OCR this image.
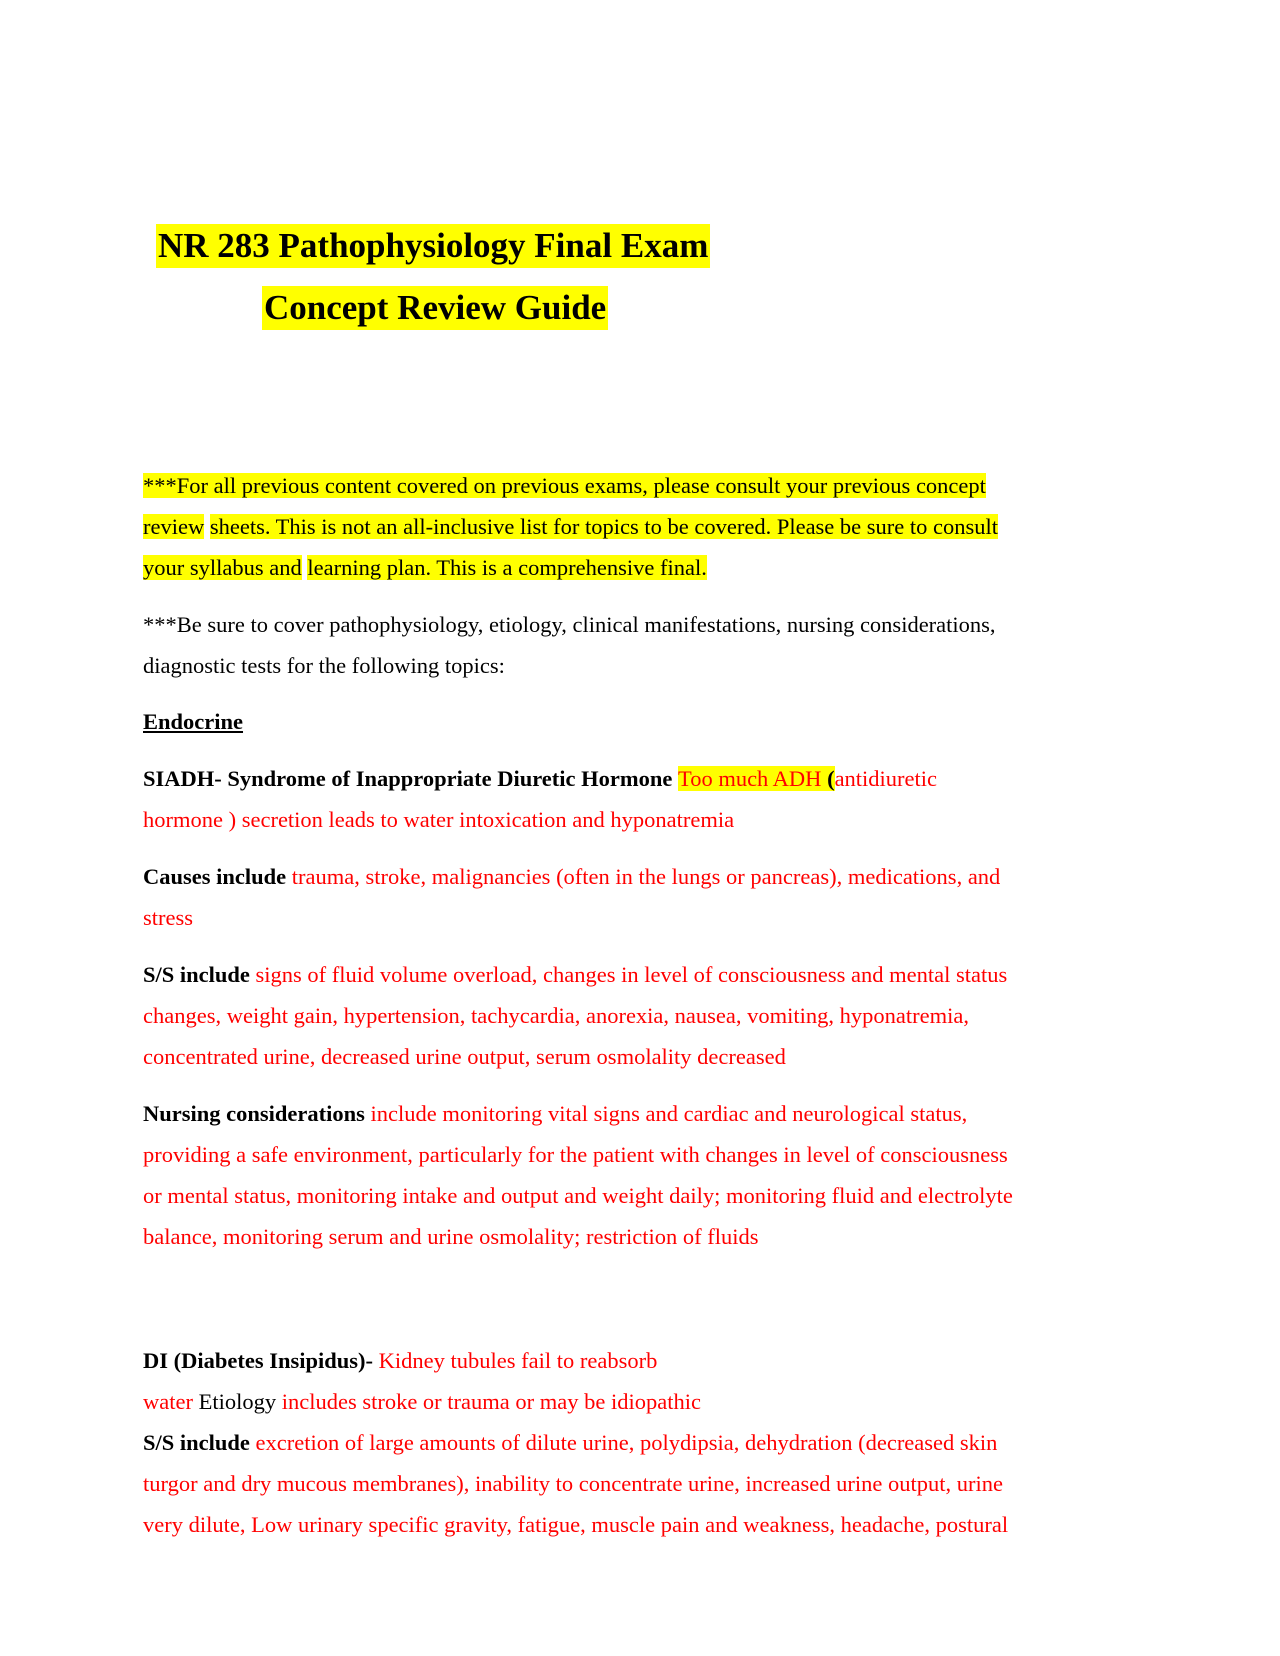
NR 283 Pathophysiology Final Exam
Concept Review Guide
***For all previous content covered on previous exams, please consult your previous concept
review sheets. This is not an all-inclusive list for topics to be covered. Please be sure to consult
your syllabus and learning plan. This is a comprehensive final.
***Be sure to cover pathophysiology, etiology, clinical manifestations, nursing considerations,
diagnostic tests for the following topics:
Endocrine
SIADH- Syndrome of Inappropriate Diuretic Hormone Too much ADH (antidiuretic
hormone ) secretion leads to water intoxication and hyponatremia
Causes include trauma, stroke, malignancies (often in the lungs or pancreas), medications, and
stress
S/S include signs of fluid volume overload, changes in level of consciousness and mental status
changes, weight gain, hypertension, tachycardia, anorexia, nausea, vomiting, hyponatremia,
concentrated urine, decreased urine output, serum osmolality decreased
Nursing considerations include monitoring vital signs and cardiac and neurological status,
providing a safe environment, particularly for the patient with changes in level of consciousness
or mental status, monitoring intake and output and weight daily; monitoring fluid and electrolyte
balance, monitoring serum and urine osmolality; restriction of fluids
DI (Diabetes Insipidus)- Kidney tubules fail to reabsorb
water Etiology includes stroke or trauma or may be idiopathic
S/S include excretion of large amounts of dilute urine, polydipsia, dehydration (decreased skin
turgor and dry mucous membranes), inability to concentrate urine, increased urine output, urine
very dilute, Low urinary specific gravity, fatigue, muscle pain and weakness, headache, postural
